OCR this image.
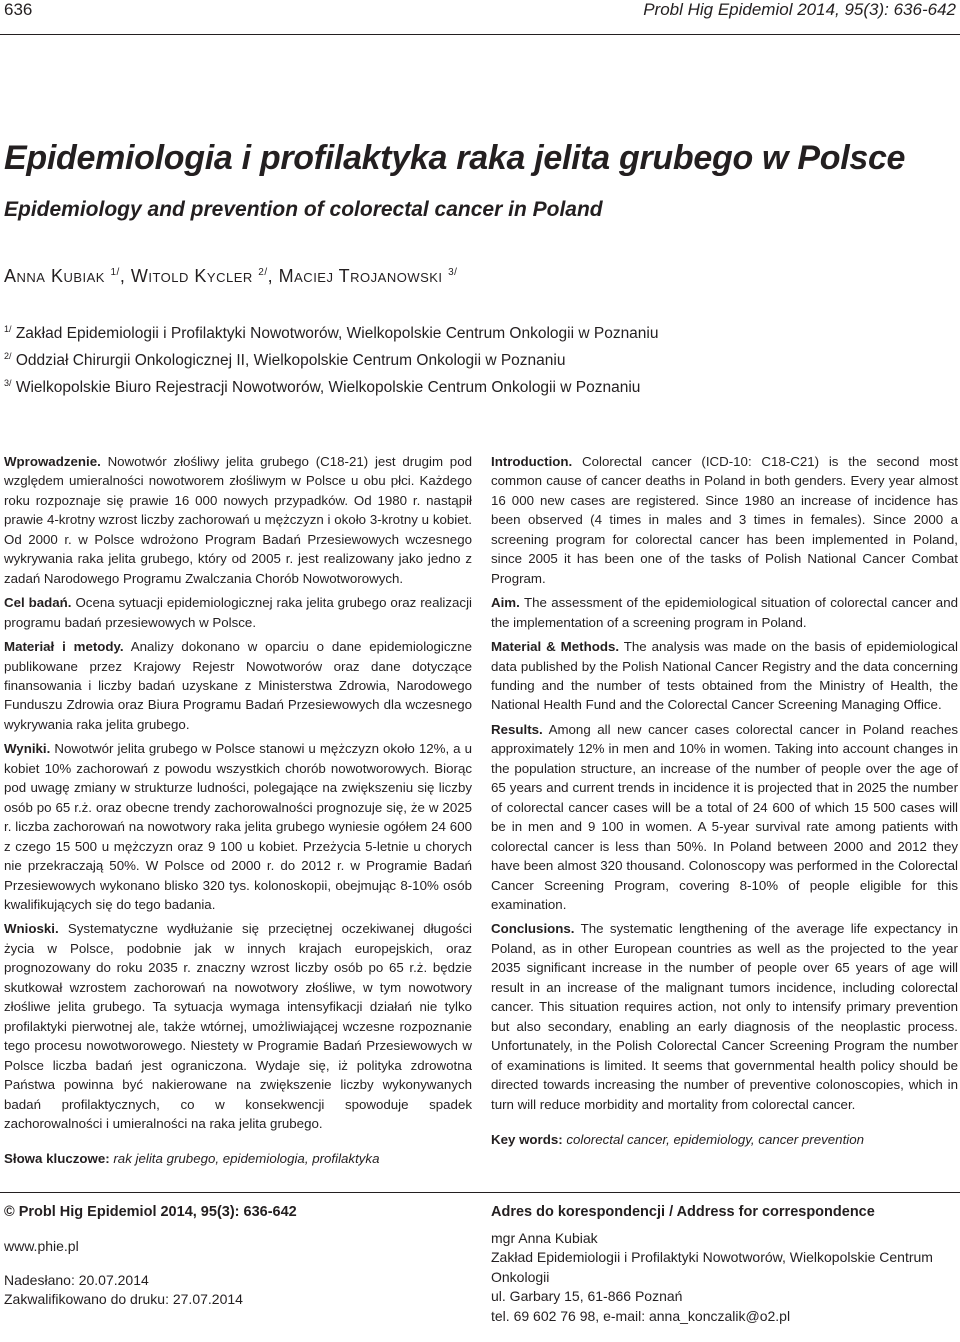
636	Probl Hig Epidemiol 2014, 95(3): 636-642
Epidemiologia i profilaktyka raka jelita grubego w Polsce
Epidemiology and prevention of colorectal cancer in Poland
Anna Kubiak $^{1/}$, Witold Kycler $^{2/}$, Maciej Trojanowski $^{3/}$
$^{1/}$ Zakład Epidemiologii i Profilaktyki Nowotworów, Wielkopolskie Centrum Onkologii w Poznaniu
$^{2/}$ Oddział Chirurgii Onkologicznej II, Wielkopolskie Centrum Onkologii w Poznaniu
$^{3/}$ Wielkopolskie Biuro Rejestracji Nowotworów, Wielkopolskie Centrum Onkologii w Poznaniu

Wprowadzenie. Nowotwór złośliwy jelita grubego (C18-21) jest drugim pod względem umieralności nowotworem złośliwym w Polsce u obu płci. Każdego roku rozpoznaje się prawie 16 000 nowych przypadków. Od 1980 r. nastąpił prawie 4-krotny wzrost liczby zachorowań u mężczyzn i około 3-krotny u kobiet. Od 2000 r. w Polsce wdrożono Program Badań Przesiewowych wczesnego wykrywania raka jelita grubego, który od 2005 r. jest realizowany jako jedno z zadań Narodowego Programu Zwalczania Chorób Nowotworowych.

Cel badań. Ocena sytuacji epidemiologicznej raka jelita grubego oraz realizacji programu badań przesiewowych w Polsce.

Materiał i metody. Analizy dokonano w oparciu o dane epidemiologiczne publikowane przez Krajowy Rejestr Nowotworów oraz dane dotyczące finansowania i liczby badań uzyskane z Ministerstwa Zdrowia, Narodowego Funduszu Zdrowia oraz Biura Programu Badań Przesiewowych dla wczesnego wykrywania raka jelita grubego.

Wyniki. Nowotwór jelita grubego w Polsce stanowi u mężczyzn około 12%, a u kobiet 10% zachorowań z powodu wszystkich chorób nowotworowych. Biorąc pod uwagę zmiany w strukturze ludności, polegające na zwiększeniu się liczby osób po 65 r.ż. oraz obecne trendy zachorowalności prognozuje się, że w 2025 r. liczba zachorowań na nowotwory raka jelita grubego wyniesie ogółem 24 600 z czego 15 500 u mężczyzn oraz 9 100 u kobiet. Przeżycia 5-letnie u chorych nie przekraczają 50%. W Polsce od 2000 r. do 2012 r. w Programie Badań Przesiewowych wykonano blisko 320 tys. kolonoskopii, obejmując 8-10% osób kwalifikujących się do tego badania.

Wnioski. Systematyczne wydłużanie się przeciętnej oczekiwanej długości życia w Polsce, podobnie jak w innych krajach europejskich, oraz prognozowany do roku 2035 r. znaczny wzrost liczby osób po 65 r.ż. będzie skutkował wzrostem zachorowań na nowotwory złośliwe, w tym nowotwory złośliwe jelita grubego. Ta sytuacja wymaga intensyfikacji działań nie tylko profilaktyki pierwotnej ale, także wtórnej, umożliwiającej wczesne rozpoznanie tego procesu nowotworowego. Niestety w Programie Badań Przesiewowych w Polsce liczba badań jest ograniczona. Wydaje się, iż polityka zdrowotna Państwa powinna być nakierowane na zwiększenie liczby wykonywanych badań profilaktycznych, co w konsekwencji spowoduje spadek zachorowalności i umieralności na raka jelita grubego.

Słowa kluczowe: rak jelita grubego, epidemiologia, profilaktyka

Introduction. Colorectal cancer (ICD-10: C18-C21) is the second most common cause of cancer deaths in Poland in both genders. Every year almost 16 000 new cases are registered. Since 1980 an increase of incidence has been observed (4 times in males and 3 times in females). Since 2000 a screening program for colorectal cancer has been implemented in Poland, since 2005 it has been one of the tasks of Polish National Cancer Combat Program.

Aim. The assessment of the epidemiological situation of colorectal cancer and the implementation of a screening program in Poland.

Material & Methods. The analysis was made on the basis of epidemiological data published by the Polish National Cancer Registry and the data concerning funding and the number of tests obtained from the Ministry of Health, the National Health Fund and the Colorectal Cancer Screening Managing Office.

Results. Among all new cancer cases colorectal cancer in Poland reaches approximately 12% in men and 10% in women. Taking into account changes in the population structure, an increase of the number of people over the age of 65 years and current trends in incidence it is projected that in 2025 the number of colorectal cancer cases will be a total of 24 600 of which 15 500 cases will be in men and 9 100 in women. A 5-year survival rate among patients with colorectal cancer is less than 50%. In Poland between 2000 and 2012 they have been almost 320 thousand. Colonoscopy was performed in the Colorectal Cancer Screening Program, covering 8-10% of people eligible for this examination.

Conclusions. The systematic lengthening of the average life expectancy in Poland, as in other European countries as well as the projected to the year 2035 significant increase in the number of people over 65 years of age will result in an increase of the malignant tumors incidence, including colorectal cancer. This situation requires action, not only to intensify primary prevention but also secondary, enabling an early diagnosis of the neoplastic process. Unfortunately, in the Polish Colorectal Cancer Screening Program the number of examinations is limited. It seems that governmental health policy should be directed towards increasing the number of preventive colonoscopies, which in turn will reduce morbidity and mortality from colorectal cancer.

Key words: colorectal cancer, epidemiology, cancer prevention

© Probl Hig Epidemiol 2014, 95(3): 636-642
www.phie.pl
Nadesłano: 20.07.2014
Zakwalifikowano do druku: 27.07.2014
Adres do korespondencji / Address for correspondence
mgr Anna Kubiak
Zakład Epidemiologii i Profilaktyki Nowotworów, Wielkopolskie Centrum Onkologii
ul. Garbary 15, 61-866 Poznań
tel. 69 602 76 98, e-mail: anna_konczalik@o2.pl
